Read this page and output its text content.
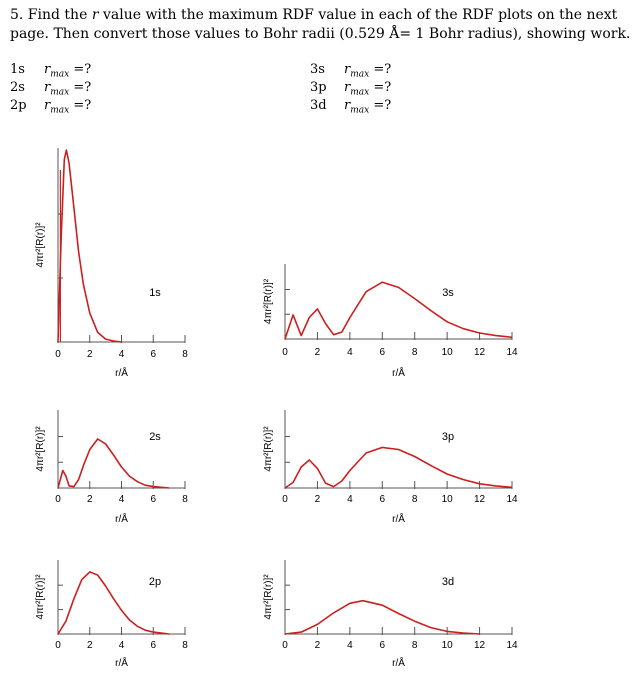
5. Find the r value with the maximum RDF value in each of the RDF plots on the next page. Then convert those values to Bohr radii (0.529 Å= 1 Bohr radius), showing work.
1s $r_{max}$ =?
2s $r_{max}$ =?
2p $r_{max}$ =?
3s $r_{max}$ =?
3p $r_{max}$ =?
3d $r_{max}$ =?
0	2	4	6	8
1s
r/Å
4πr²[R(r)]²
0	2	4	6	8 10 12 14
3s
r/Å
4πr²[R(r)]²
0	2	4	6	8
2s
r/Å
4πr²[R(r)]²
0	2	4	6	8 10 12 14
3p
r/Å
4πr²[R(r)]²
0	2	4	6	8
2p
r/Å
4πr²[R(r)]²
0	2	4	6	8 10 12 14
3d
r/Å
4πr²[R(r)]²
